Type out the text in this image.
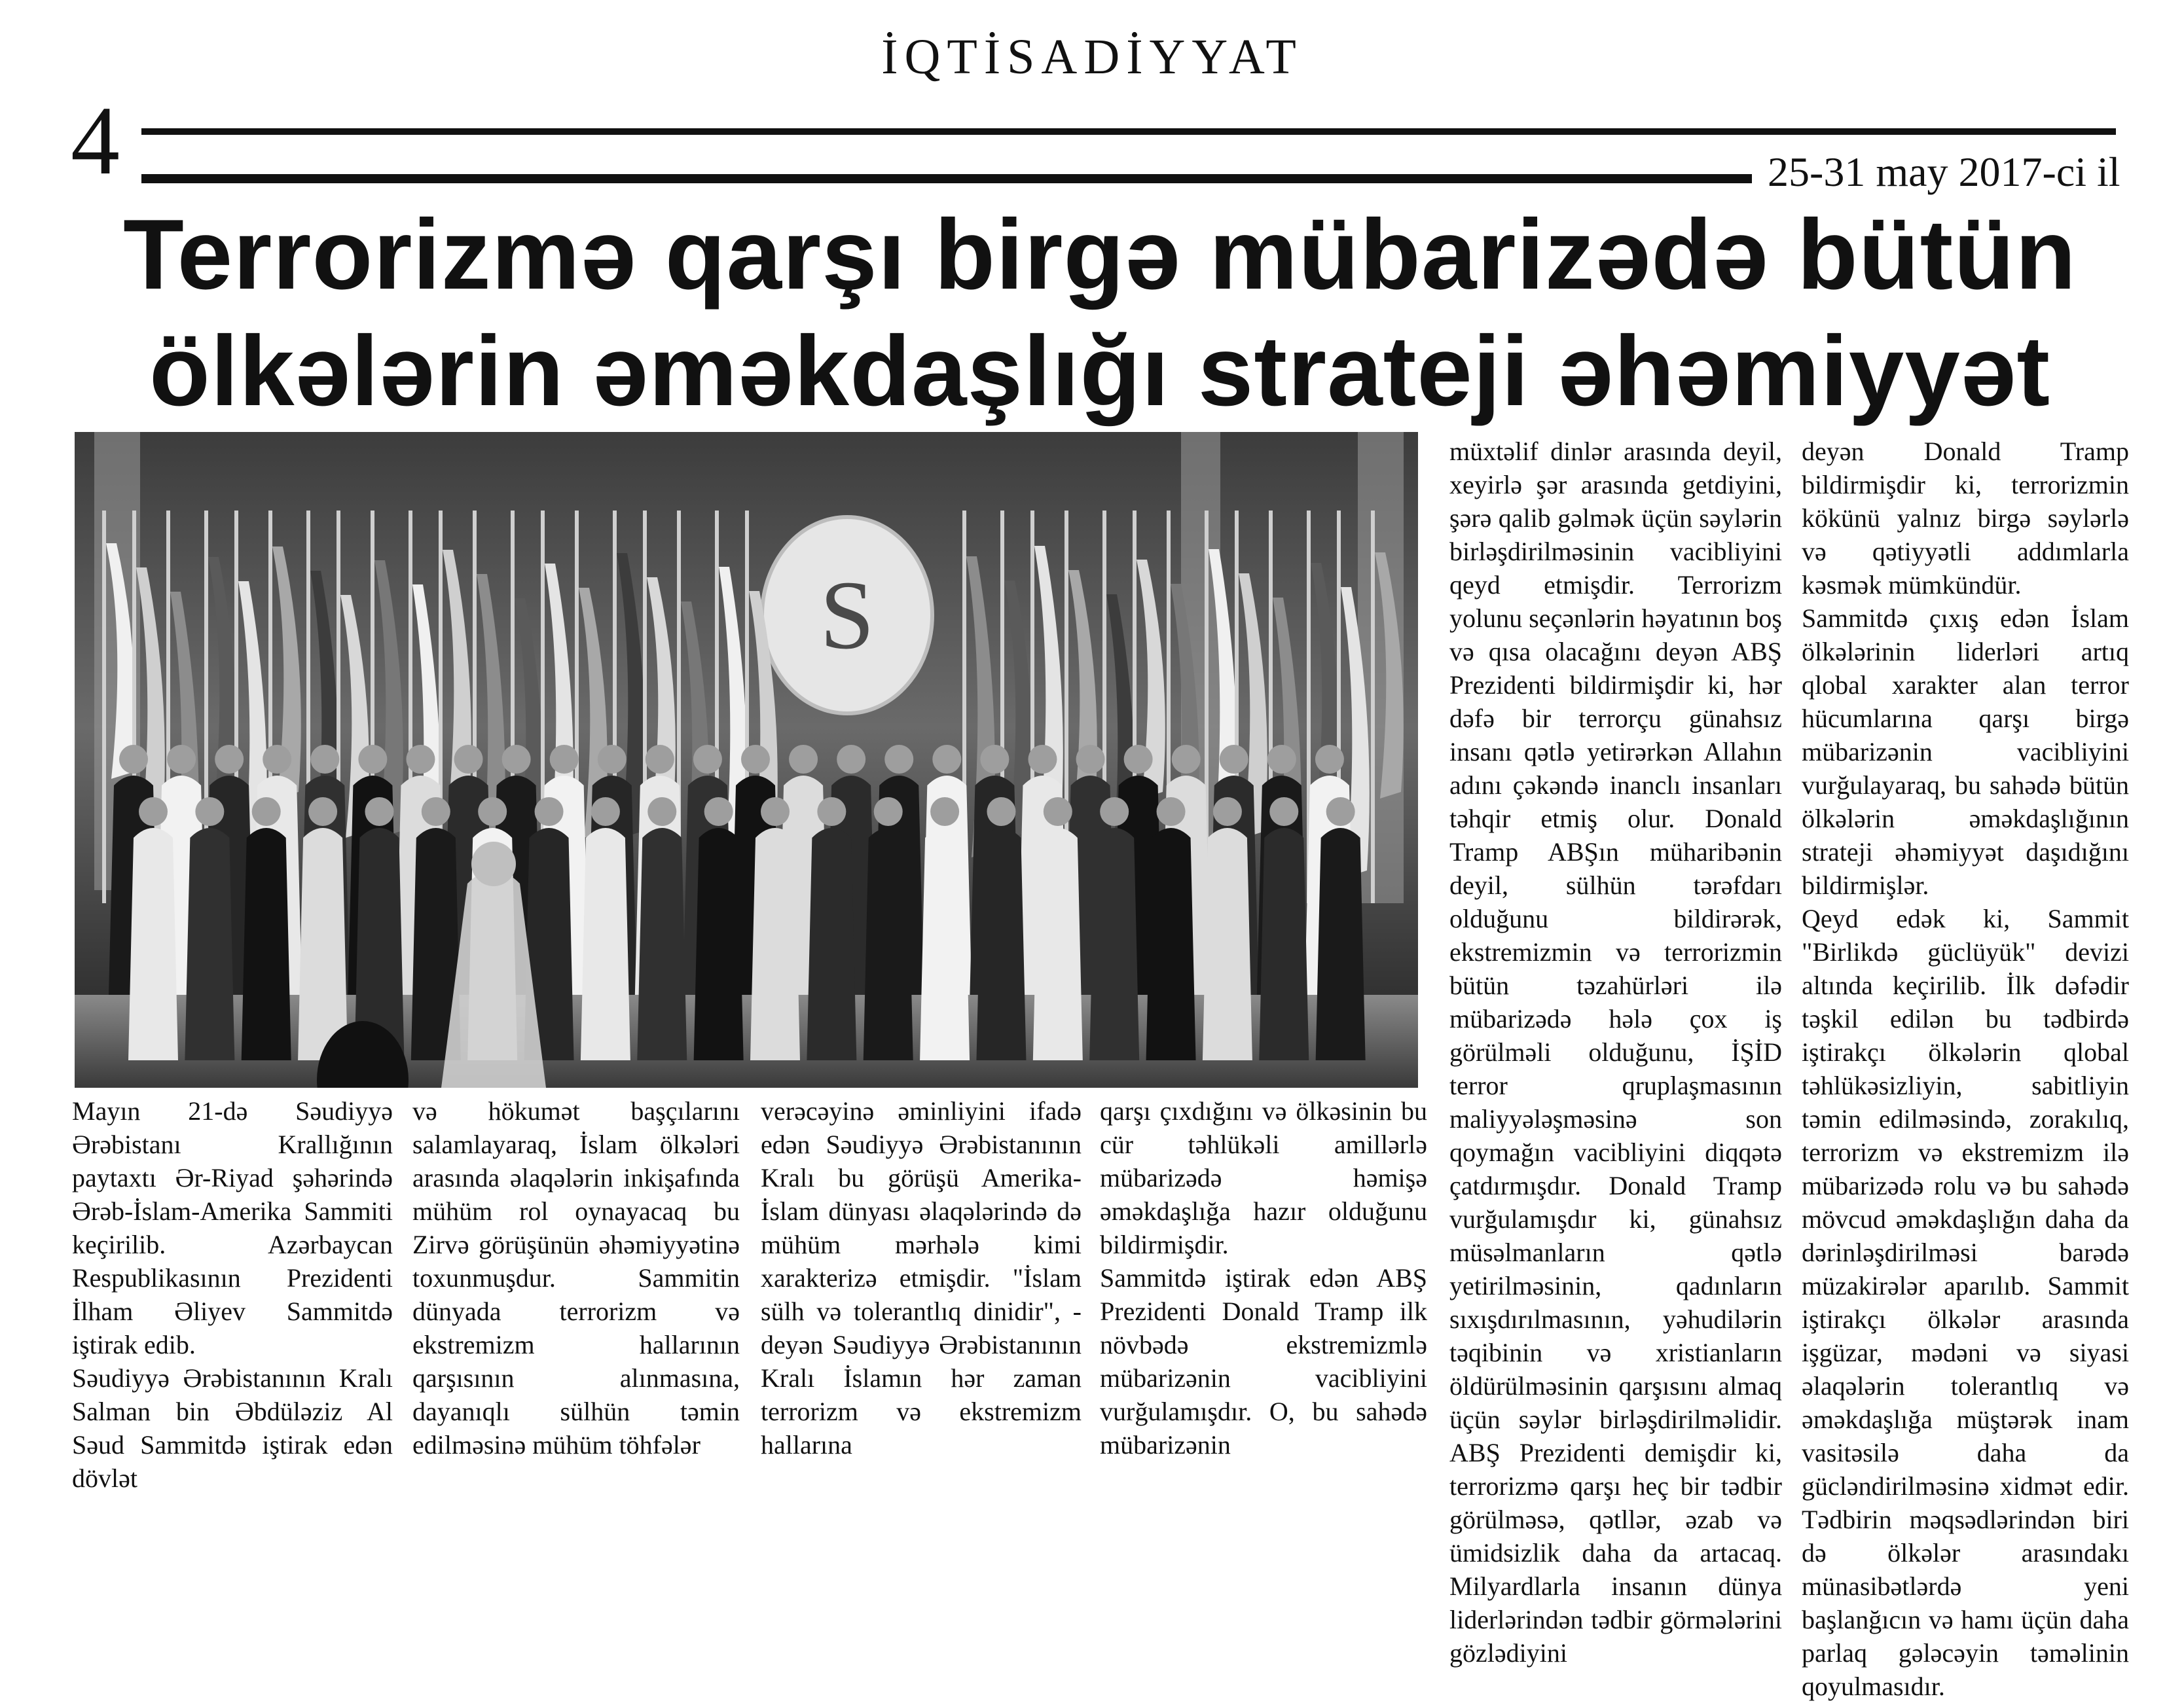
İQTİSADİYYAT
4	25-31 may 2017-ci il
Terrorizmə qarşı birgə mübarizədə bütün
ölkələrin əməkdaşlığı strateji əhəmiyyət
S

Mayın 21-də Səudiyyə Ərəbistanı Krallığının paytaxtı Ər-Riyad şəhərində Ərəb-İslam-Amerika Sammiti keçirilib. Azərbaycan Respublikasının Prezidenti İlham Əliyev Sammitdə iştirak edib.

Səudiyyə Ərəbistanının Kralı Salman bin Əbdüləziz Al Səud Sammitdə iştirak edən dövlət

və hökumət başçılarını salamlayaraq, İslam ölkələri arasında əlaqələrin inkişafında mühüm rol oynayacaq bu Zirvə görüşünün əhəmiyyətinə toxunmuşdur. Sammitin dünyada terrorizm və ekstremizm hallarının qarşısının alınmasına, dayanıqlı sülhün təmin edilməsinə mühüm töhfələr

verəcəyinə əminliyini ifadə edən Səudiyyə Ərəbistanının Kralı bu görüşü Amerika-İslam dünyası əlaqələrində də mühüm mərhələ kimi xarakterizə etmişdir. "İslam sülh və tolerantlıq dinidir", - deyən Səudiyyə Ərəbistanının Kralı İslamın hər zaman terrorizm və ekstremizm hallarına

qarşı çıxdığını və ölkəsinin bu cür təhlükəli amillərlə mübarizədə həmişə əməkdaşlığa hazır olduğunu bildirmişdir.

Sammitdə iştirak edən ABŞ Prezidenti Donald Tramp ilk növbədə ekstremizmlə mübarizənin vacibliyini vurğulamışdır. O, bu sahədə mübarizənin

müxtəlif dinlər arasında deyil, xeyirlə şər arasında getdiyini, şərə qalib gəlmək üçün səylərin birləşdirilməsinin vacibliyini qeyd etmişdir. Terrorizm yolunu seçənlərin həyatının boş və qısa olacağını deyən ABŞ Prezidenti bildirmişdir ki, hər dəfə bir terrorçu günahsız insanı qətlə yetirərkən Allahın adını çəkəndə inanclı insanları təhqir etmiş olur. Donald Tramp ABŞın müharibənin deyil, sülhün tərəfdarı olduğunu bildirərək, ekstremizmin və terrorizmin bütün təzahürləri ilə mübarizədə hələ çox iş görülməli olduğunu, İŞİD terror qruplaşmasının maliyyələşməsinə son qoymağın vacibliyini diqqətə çatdırmışdır. Donald Tramp vurğulamışdır ki, günahsız müsəlmanların qətlə yetirilməsinin, qadınların sıxışdırılmasının, yəhudilərin təqibinin və xristianların öldürülməsinin qarşısını almaq üçün səylər birləşdirilməlidir. ABŞ Prezidenti demişdir ki, terrorizmə qarşı heç bir tədbir görülməsə, qətllər, əzab və ümidsizlik daha da artacaq. Milyardlarla insanın dünya liderlərindən tədbir görmələrini gözlədiyini

deyən Donald Tramp bildirmişdir ki, terrorizmin kökünü yalnız birgə səylərlə və qətiyyətli addımlarla kəsmək mümkündür.

Sammitdə çıxış edən İslam ölkələrinin liderləri artıq qlobal xarakter alan terror hücumlarına qarşı birgə mübarizənin vacibliyini vurğulayaraq, bu sahədə bütün ölkələrin əməkdaşlığının strateji əhəmiyyət daşıdığını bildirmişlər.

Qeyd edək ki, Sammit "Birlikdə güclüyük" devizi altında keçirilib. İlk dəfədir təşkil edilən bu tədbirdə iştirakçı ölkələrin qlobal təhlükəsizliyin, sabitliyin təmin edilməsində, zorakılıq, terrorizm və ekstremizm ilə mübarizədə rolu və bu sahədə mövcud əməkdaşlığın daha da dərinləşdirilməsi barədə müzakirələr aparılıb. Sammit iştirakçı ölkələr arasında işgüzar, mədəni və siyasi əlaqələrin tolerantlıq və əməkdaşlığa müştərək inam vasitəsilə daha da gücləndirilməsinə xidmət edir. Tədbirin məqsədlərindən biri də ölkələr arasındakı münasibətlərdə yeni başlanğıcın və hamı üçün daha parlaq gələcəyin təməlinin qoyulmasıdır.
